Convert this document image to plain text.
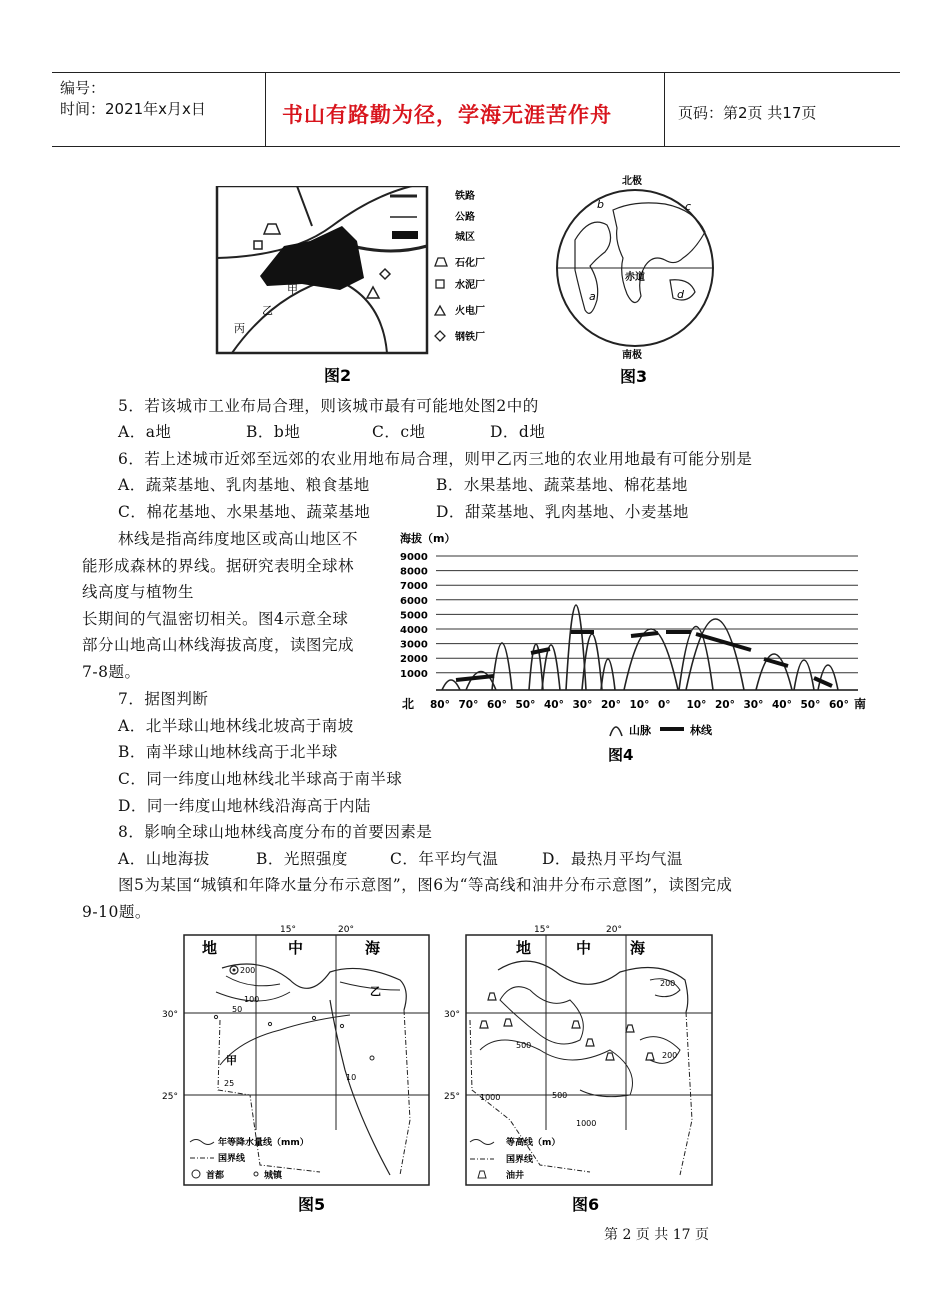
编号：
时间：2021年x月x日	书山有路勤为径，学海无涯苦作舟	页码：第2页 共17页
甲
乙
丙
铁路
公路
城区
石化厂
水泥厂
火电厂
钢铁厂
图2
北极
赤道
a
b	c
d
南极
图3
5．若该城市工业布局合理，则该城市最有可能地处图2中的
A．a地	B．b地	C．c地	D．d地
6．若上述城市近郊至远郊的农业用地布局合理，则甲乙丙三地的农业用地最有可能分别是
A．蔬菜基地、乳肉基地、粮食基地	B．水果基地、蔬菜基地、棉花基地
C．棉花基地、水果基地、蔬菜基地	D．甜菜基地、乳肉基地、小麦基地
林线是指高纬度地区或高山地区不
能形成森林的界线。据研究表明全球林
线高度与植物生
长期间的气温密切相关。图4示意全球
部分山地高山林线海拔高度，读图完成
7-8题。
海拔（m）
9000
8000
7000
6000
5000
4000
3000
2000
1000
80° 70° 60° 50° 40° 30° 20° 10° 0° 10° 20° 30° 40° 50° 60°
北	南
山脉	林线
图4
7．据图判断
A．北半球山地林线北坡高于南坡
B．南半球山地林线高于北半球
C．同一纬度山地林线北半球高于南半球
D．同一纬度山地林线沿海高于内陆
8．影响全球山地林线高度分布的首要因素是
A．山地海拔	B．光照强度	C．年平均气温	D．最热月平均气温
图5为某国“城镇和年降水量分布示意图”，图6为“等高线和油井分布示意图”，读图完成
9-10题。
15°	20°
30°
25°
地	中	海
200
100
50
25
10
甲
乙
年等降水量线（mm）
国界线
首都	城镇
图5
15°	20°
30°
25°
地	中	海
200
500
200
500
1000
1000
等高线（m）
国界线
油井
图6
第 2 页 共 17 页
